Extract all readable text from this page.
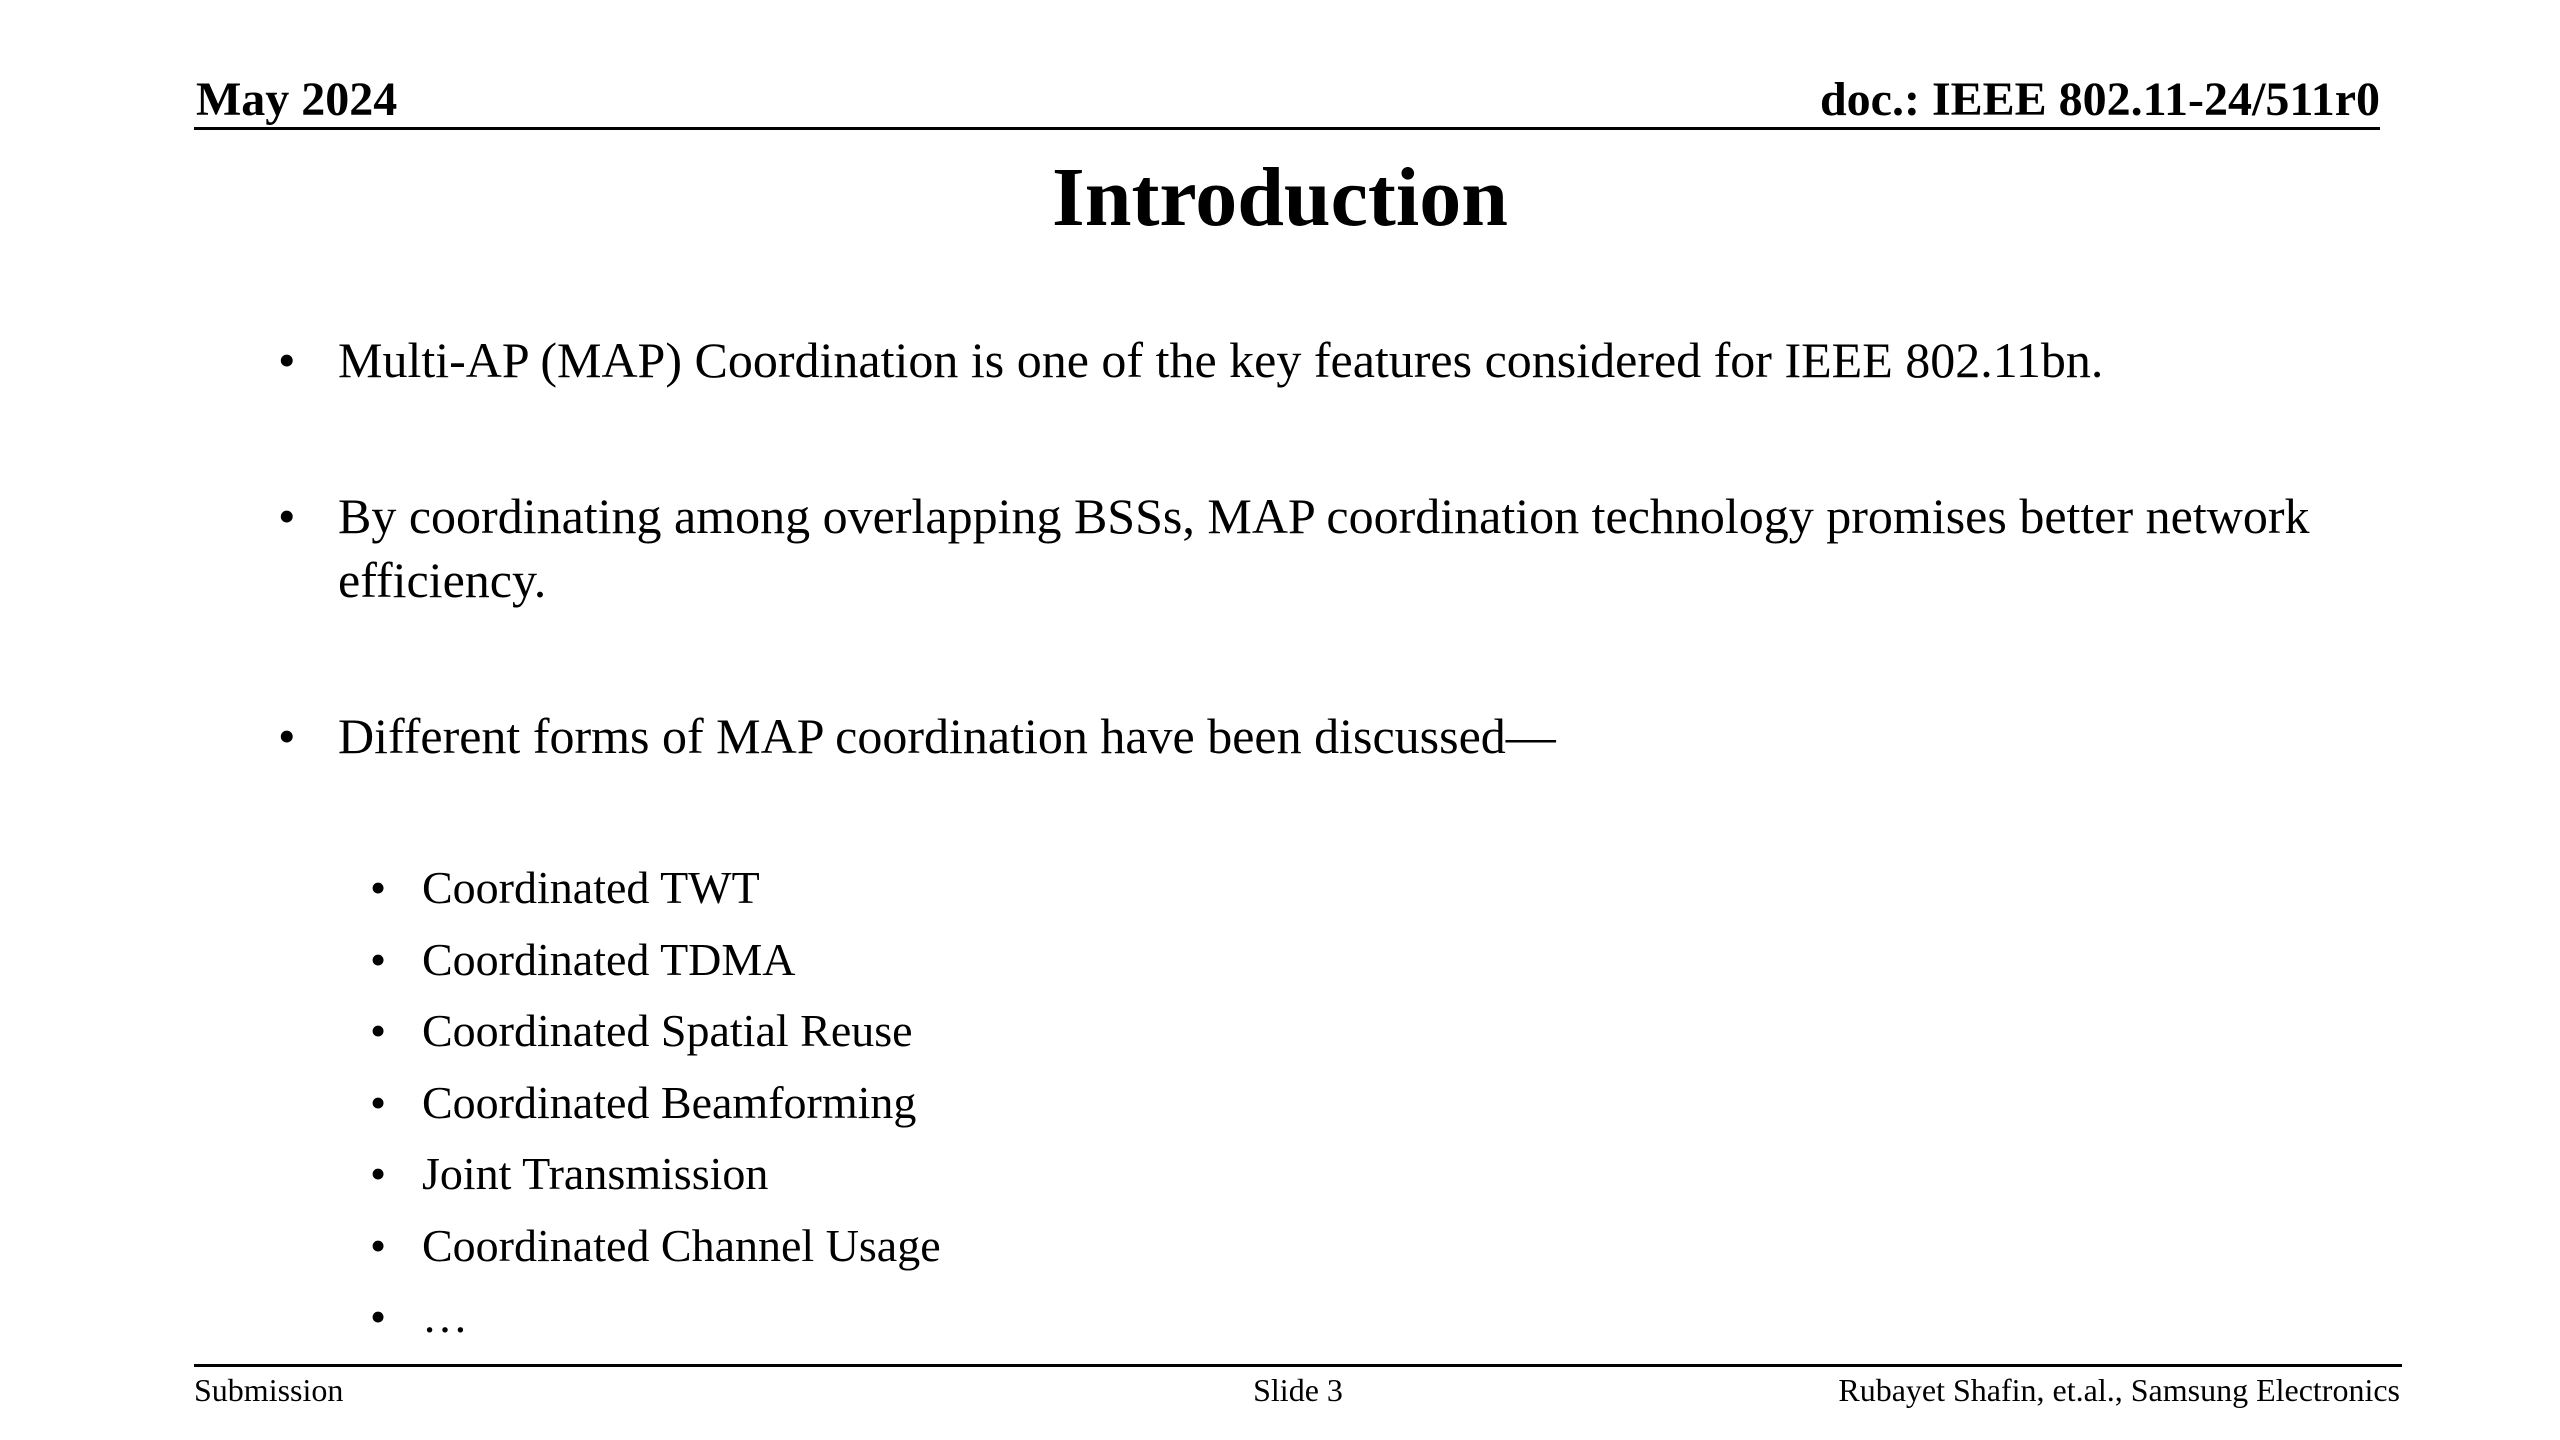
May 2024	doc.: IEEE 802.11-24/511r0
Introduction
• Multi-AP (MAP) Coordination is one of the key features considered for IEEE 802.11bn.
• By coordinating among overlapping BSSs, MAP coordination technology promises better network efficiency.
• Different forms of MAP coordination have been discussed—
• Coordinated TWT
• Coordinated TDMA
• Coordinated Spatial Reuse
• Coordinated Beamforming
• Joint Transmission
• Coordinated Channel Usage
• …
Submission	Slide 3	Rubayet Shafin, et.al., Samsung Electronics
